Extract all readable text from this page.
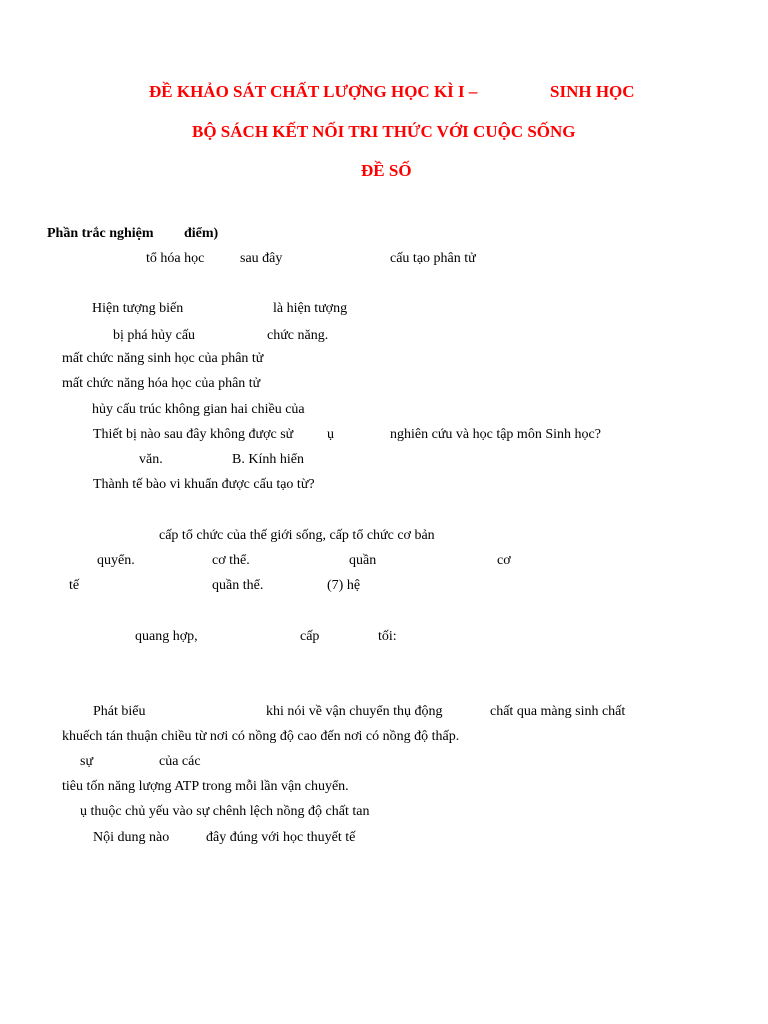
ĐỀ KHẢO SÁT CHẤT LƯỢNG HỌC KÌ I –	SINH HỌC
BỘ SÁCH KẾT NỐI TRI THỨC VỚI CUỘC SỐNG
ĐỀ SỐ
Phần trắc nghiệm điểm)
tổ hóa học	sau đây	cấu tạo phân tử
Hiện tượng biến	là hiện tượng
bị phá hủy cấu	chức năng.
mất chức năng sinh học của phân tử
mất chức năng hóa học của phân tử
hủy cấu trúc không gian hai chiều của
Thiết bị nào sau đây không được sử ụ	nghiên cứu và học tập môn Sinh học?
văn.	B. Kính hiển
Thành tế bào vi khuẩn được cấu tạo từ?
cấp tổ chức của thế giới sống, cấp tổ chức cơ bản
quyển.	cơ thể.	quần	cơ
tế	quần thể.	(7) hệ
quang hợp,	cấp	tối:
Phát biểu	khi nói về vận chuyển thụ động	chất qua màng sinh chất
khuếch tán thuận chiều từ nơi có nồng độ cao đến nơi có nồng độ thấp.
sự	của các
tiêu tốn năng lượng ATP trong mỗi lần vận chuyển.
ụ thuộc chủ yếu vào sự chênh lệch nồng độ chất tan
Nội dung nào	đây đúng với học thuyết tế
